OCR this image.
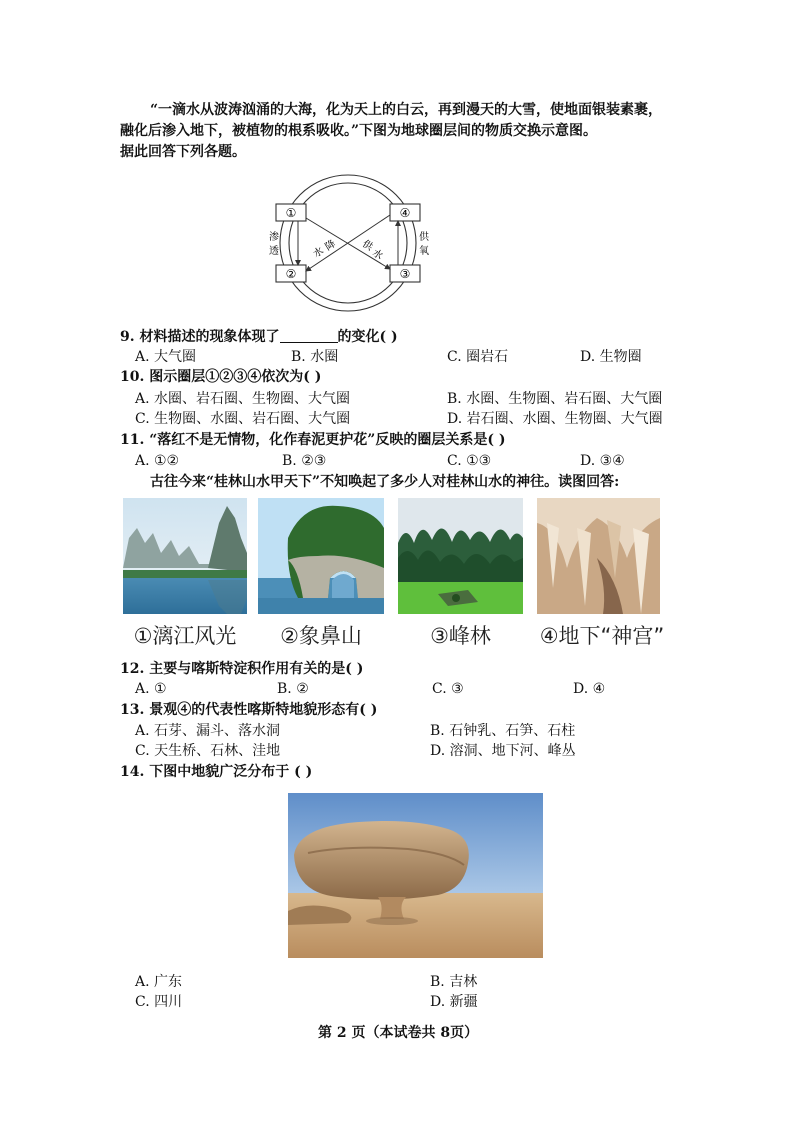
“一滴水从波涛汹涌的大海，化为天上的白云，再到漫天的大雪，使地面银装素裹，
融化后渗入地下，被植物的根系吸收。”下图为地球圈层间的物质交换示意图。
据此回答下列各题。
①	④
②	③
渗
透
供
氧
水
降 供
水
9. 材料描述的现象体现了	的变化( )
A. 大气圈	B. 水圈	C. 圈岩石	D. 生物圈
10. 图示圈层①②③④依次为( )
A. 水圈、岩石圈、生物圈、大气圈	B. 水圈、生物圈、岩石圈、大气圈
C. 生物圈、水圈、岩石圈、大气圈	D. 岩石圈、水圈、生物圈、大气圈
11. “落红不是无情物，化作春泥更护花”反映的圈层关系是( )
A. ①②	B. ②③	C. ①③	D. ③④
古往今来“桂林山水甲天下”不知唤起了多少人对桂林山水的神往。读图回答:
①漓江风光	②象鼻山	③峰林	④地下“神宫”
12. 主要与喀斯特淀积作用有关的是( )
A. ①	B. ②	C. ③	D. ④
13. 景观④的代表性喀斯特地貌形态有( )
A. 石芽、漏斗、落水洞	B. 石钟乳、石笋、石柱
C. 天生桥、石林、洼地	D. 溶洞、地下河、峰丛
14. 下图中地貌广泛分布于 ( )
A. 广东	B. 吉林
C. 四川	D. 新疆
第 2 页（本试卷共 8页）
